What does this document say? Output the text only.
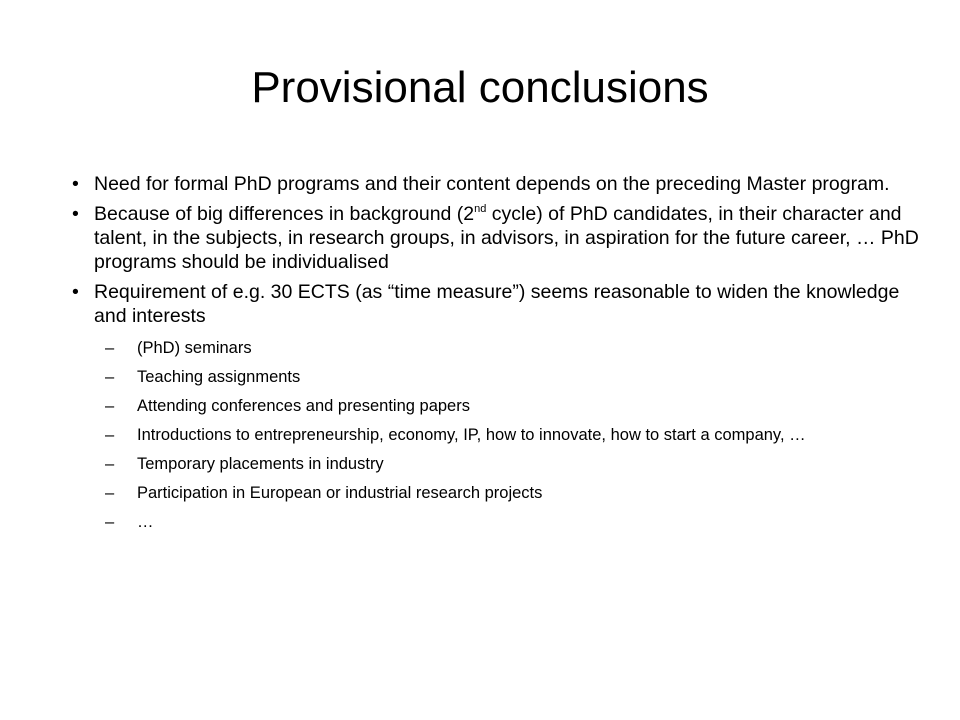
Provisional conclusions
• Need for formal PhD programs and their content depends on the preceding Master program.
• Because of big differences in background (2nd cycle) of PhD candidates, in their character and talent, in the subjects, in research groups, in advisors, in aspiration for the future career, … PhD programs should be individualised
• Requirement of e.g. 30 ECTS (as “time measure”) seems reasonable to widen the knowledge and interests
– (PhD) seminars
– Teaching assignments
– Attending conferences and presenting papers
– Introductions to entrepreneurship, economy, IP, how to innovate, how to start a company, …
– Temporary placements in industry
– Participation in European or industrial research projects
– …
